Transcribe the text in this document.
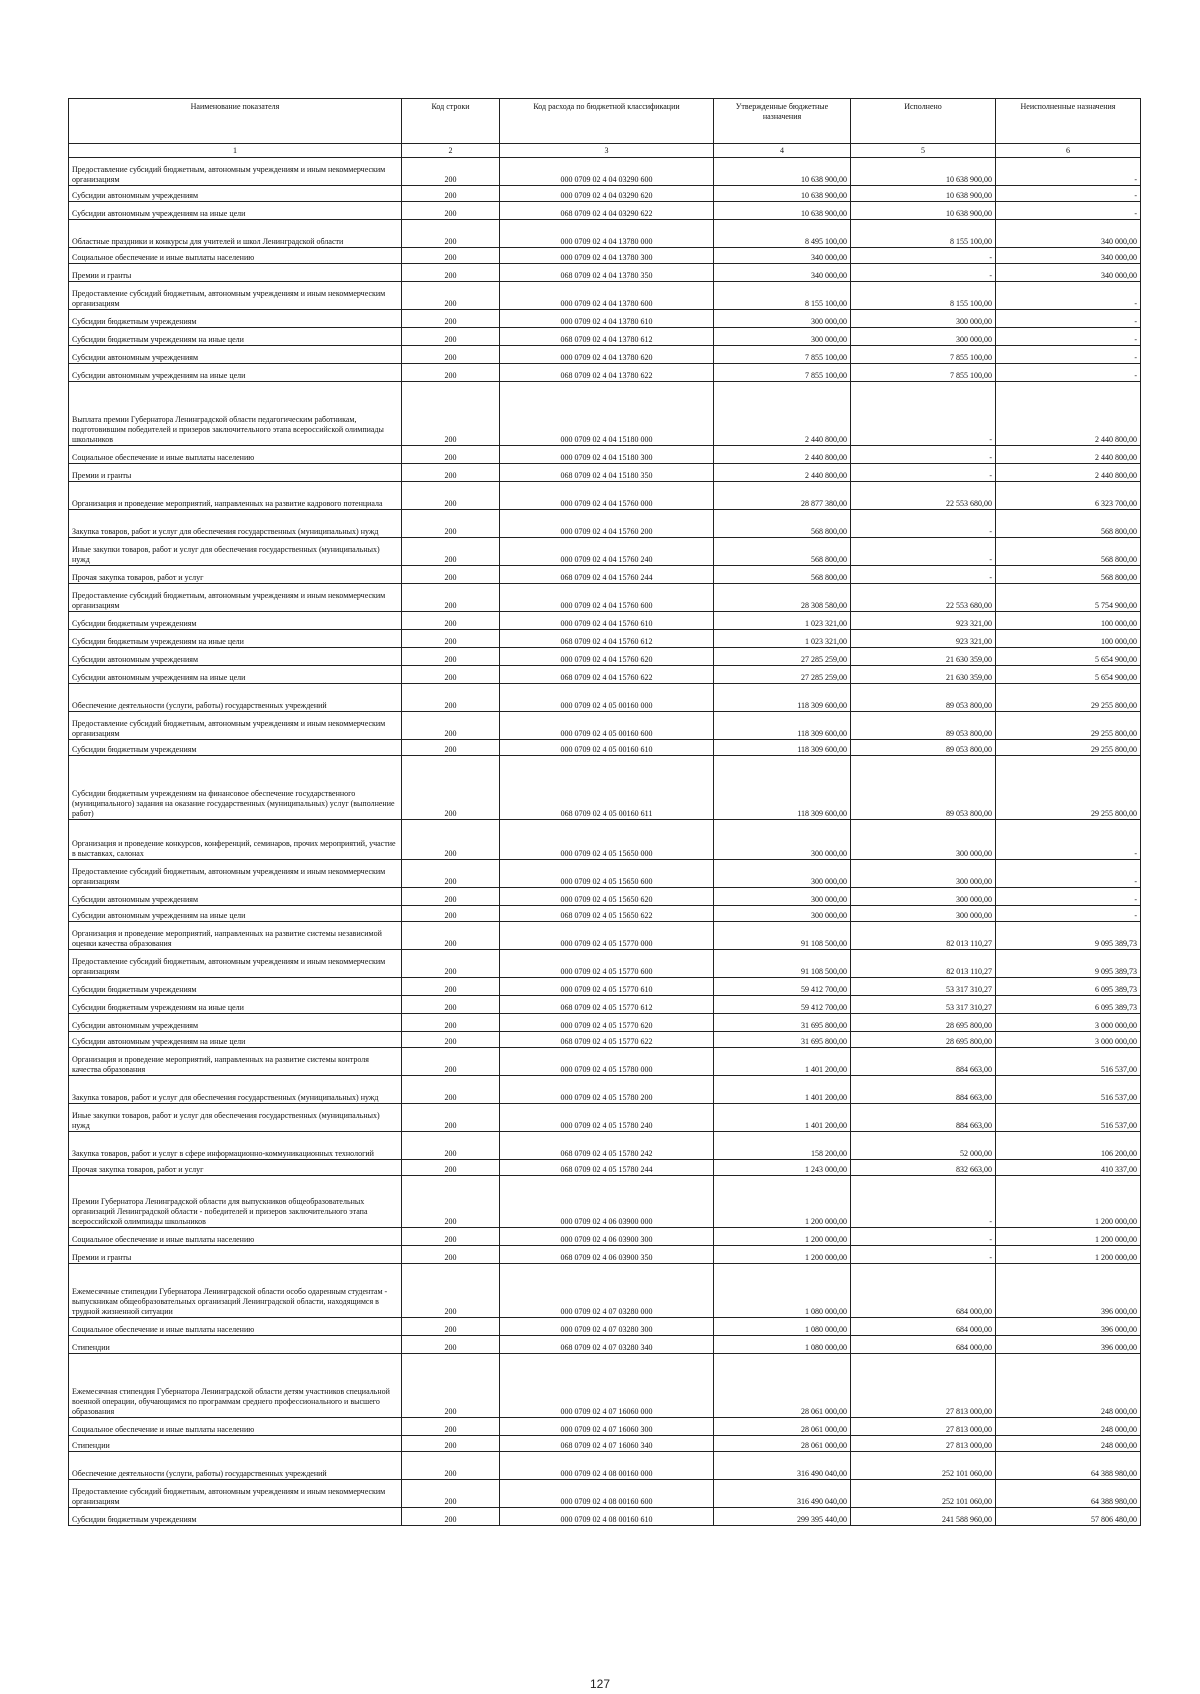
Наименование показателя	Код строки	Код расхода по бюджетной классификации	Утвержденные бюджетные назначения	Исполнено	Неисполненные назначения
1	2	3	4	5	6
Предоставление субсидий бюджетным, автономным учреждениям и иным некоммерческим организациям	200	000 0709 02 4 04 03290 600	10 638 900,00	10 638 900,00	-
Субсидии автономным учреждениям	200	000 0709 02 4 04 03290 620	10 638 900,00	10 638 900,00	-
Субсидии автономным учреждениям на иные цели	200	068 0709 02 4 04 03290 622	10 638 900,00	10 638 900,00	-
Областные праздники и конкурсы для учителей и школ Ленинградской области	200	000 0709 02 4 04 13780 000	8 495 100,00	8 155 100,00	340 000,00
Социальное обеспечение и иные выплаты населению	200	000 0709 02 4 04 13780 300	340 000,00	-	340 000,00
Премии и гранты	200	068 0709 02 4 04 13780 350	340 000,00	-	340 000,00
Предоставление субсидий бюджетным, автономным учреждениям и иным некоммерческим организациям	200	000 0709 02 4 04 13780 600	8 155 100,00	8 155 100,00	-
Субсидии бюджетным учреждениям	200	000 0709 02 4 04 13780 610	300 000,00	300 000,00	-
Субсидии бюджетным учреждениям на иные цели	200	068 0709 02 4 04 13780 612	300 000,00	300 000,00	-
Субсидии автономным учреждениям	200	000 0709 02 4 04 13780 620	7 855 100,00	7 855 100,00	-
Субсидии автономным учреждениям на иные цели	200	068 0709 02 4 04 13780 622	7 855 100,00	7 855 100,00	-
Выплата премии Губернатора Ленинградской области педагогическим работникам, подготовившим победителей и призеров заключительного этапа всероссийской олимпиады школьников	200	000 0709 02 4 04 15180 000	2 440 800,00	-	2 440 800,00
Социальное обеспечение и иные выплаты населению	200	000 0709 02 4 04 15180 300	2 440 800,00	-	2 440 800,00
Премии и гранты	200	068 0709 02 4 04 15180 350	2 440 800,00	-	2 440 800,00
Организация и проведение мероприятий, направленных на развитие кадрового потенциала	200	000 0709 02 4 04 15760 000	28 877 380,00	22 553 680,00	6 323 700,00
Закупка товаров, работ и услуг для обеспечения государственных (муниципальных) нужд	200	000 0709 02 4 04 15760 200	568 800,00	-	568 800,00
Иные закупки товаров, работ и услуг для обеспечения государственных (муниципальных) нужд	200	000 0709 02 4 04 15760 240	568 800,00	-	568 800,00
Прочая закупка товаров, работ и услуг	200	068 0709 02 4 04 15760 244	568 800,00	-	568 800,00
Предоставление субсидий бюджетным, автономным учреждениям и иным некоммерческим организациям	200	000 0709 02 4 04 15760 600	28 308 580,00	22 553 680,00	5 754 900,00
Субсидии бюджетным учреждениям	200	000 0709 02 4 04 15760 610	1 023 321,00	923 321,00	100 000,00
Субсидии бюджетным учреждениям на иные цели	200	068 0709 02 4 04 15760 612	1 023 321,00	923 321,00	100 000,00
Субсидии автономным учреждениям	200	000 0709 02 4 04 15760 620	27 285 259,00	21 630 359,00	5 654 900,00
Субсидии автономным учреждениям на иные цели	200	068 0709 02 4 04 15760 622	27 285 259,00	21 630 359,00	5 654 900,00
Обеспечение деятельности (услуги, работы) государственных учреждений	200	000 0709 02 4 05 00160 000	118 309 600,00	89 053 800,00	29 255 800,00
Предоставление субсидий бюджетным, автономным учреждениям и иным некоммерческим организациям	200	000 0709 02 4 05 00160 600	118 309 600,00	89 053 800,00	29 255 800,00
Субсидии бюджетным учреждениям	200	000 0709 02 4 05 00160 610	118 309 600,00	89 053 800,00	29 255 800,00
Субсидии бюджетным учреждениям на финансовое обеспечение государственного (муниципального) задания на оказание государственных (муниципальных) услуг (выполнение работ)	200	068 0709 02 4 05 00160 611	118 309 600,00	89 053 800,00	29 255 800,00
Организация и проведение конкурсов, конференций, семинаров, прочих мероприятий, участие в выставках, салонах	200	000 0709 02 4 05 15650 000	300 000,00	300 000,00	-
Предоставление субсидий бюджетным, автономным учреждениям и иным некоммерческим организациям	200	000 0709 02 4 05 15650 600	300 000,00	300 000,00	-
Субсидии автономным учреждениям	200	000 0709 02 4 05 15650 620	300 000,00	300 000,00	-
Субсидии автономным учреждениям на иные цели	200	068 0709 02 4 05 15650 622	300 000,00	300 000,00	-
Организация и проведение мероприятий, направленных на развитие системы независимой оценки качества образования	200	000 0709 02 4 05 15770 000	91 108 500,00	82 013 110,27	9 095 389,73
Предоставление субсидий бюджетным, автономным учреждениям и иным некоммерческим организациям	200	000 0709 02 4 05 15770 600	91 108 500,00	82 013 110,27	9 095 389,73
Субсидии бюджетным учреждениям	200	000 0709 02 4 05 15770 610	59 412 700,00	53 317 310,27	6 095 389,73
Субсидии бюджетным учреждениям на иные цели	200	068 0709 02 4 05 15770 612	59 412 700,00	53 317 310,27	6 095 389,73
Субсидии автономным учреждениям	200	000 0709 02 4 05 15770 620	31 695 800,00	28 695 800,00	3 000 000,00
Субсидии автономным учреждениям на иные цели	200	068 0709 02 4 05 15770 622	31 695 800,00	28 695 800,00	3 000 000,00
Организация и проведение мероприятий, направленных на развитие системы контроля качества образования	200	000 0709 02 4 05 15780 000	1 401 200,00	884 663,00	516 537,00
Закупка товаров, работ и услуг для обеспечения государственных (муниципальных) нужд	200	000 0709 02 4 05 15780 200	1 401 200,00	884 663,00	516 537,00
Иные закупки товаров, работ и услуг для обеспечения государственных (муниципальных) нужд	200	000 0709 02 4 05 15780 240	1 401 200,00	884 663,00	516 537,00
Закупка товаров, работ и услуг в сфере информационно-коммуникационных технологий	200	068 0709 02 4 05 15780 242	158 200,00	52 000,00	106 200,00
Прочая закупка товаров, работ и услуг	200	068 0709 02 4 05 15780 244	1 243 000,00	832 663,00	410 337,00
Премии Губернатора Ленинградской области для выпускников общеобразовательных организаций Ленинградской области - победителей и призеров заключительного этапа всероссийской олимпиады школьников	200	000 0709 02 4 06 03900 000	1 200 000,00	-	1 200 000,00
Социальное обеспечение и иные выплаты населению	200	000 0709 02 4 06 03900 300	1 200 000,00	-	1 200 000,00
Премии и гранты	200	068 0709 02 4 06 03900 350	1 200 000,00	-	1 200 000,00
Ежемесячные стипендии Губернатора Ленинградской области особо одаренным студентам - выпускникам общеобразовательных организаций Ленинградской области, находящимся в трудной жизненной ситуации	200	000 0709 02 4 07 03280 000	1 080 000,00	684 000,00	396 000,00
Социальное обеспечение и иные выплаты населению	200	000 0709 02 4 07 03280 300	1 080 000,00	684 000,00	396 000,00
Стипендии	200	068 0709 02 4 07 03280 340	1 080 000,00	684 000,00	396 000,00
Ежемесячная стипендия Губернатора Ленинградской области детям участников специальной военной операции, обучающимся по программам среднего профессионального и высшего образования	200	000 0709 02 4 07 16060 000	28 061 000,00	27 813 000,00	248 000,00
Социальное обеспечение и иные выплаты населению	200	000 0709 02 4 07 16060 300	28 061 000,00	27 813 000,00	248 000,00
Стипендии	200	068 0709 02 4 07 16060 340	28 061 000,00	27 813 000,00	248 000,00
Обеспечение деятельности (услуги, работы) государственных учреждений	200	000 0709 02 4 08 00160 000	316 490 040,00	252 101 060,00	64 388 980,00
Предоставление субсидий бюджетным, автономным учреждениям и иным некоммерческим организациям	200	000 0709 02 4 08 00160 600	316 490 040,00	252 101 060,00	64 388 980,00
Субсидии бюджетным учреждениям	200	000 0709 02 4 08 00160 610	299 395 440,00	241 588 960,00	57 806 480,00
127
